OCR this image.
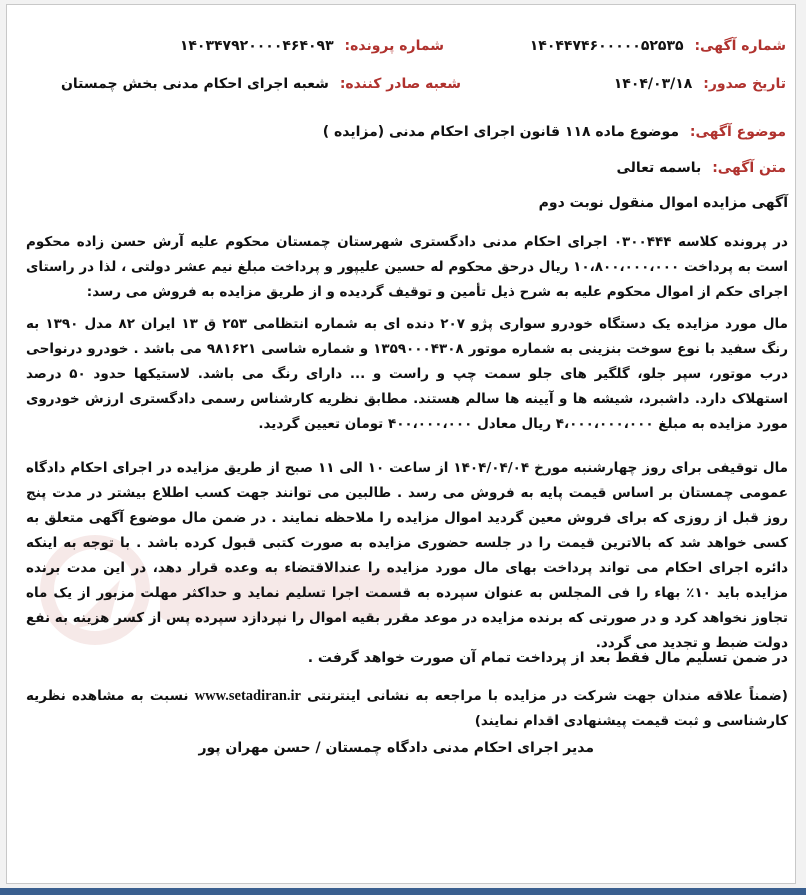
شماره آگهی: ۱۴۰۴۴۷۴۶۰۰۰۰۰۵۲۵۳۵
شماره پرونده: ۱۴۰۳۴۷۹۲۰۰۰۰۴۶۴۰۹۳
تاریخ صدور: ۱۴۰۴/۰۳/۱۸
شعبه صادر کننده: شعبه اجرای احکام مدنی بخش چمستان
موضوع آگهی: موضوع ماده ۱۱۸ قانون اجرای احکام مدنی (مزایده )
متن آگهی: باسمه تعالی

آگهی مزایده اموال منقول نوبت دوم

در پرونده کلاسه ۰۳۰۰۴۴۴ اجرای احکام مدنی دادگستری شهرستان چمستان محکوم علیه آرش حسن زاده محکوم است به پرداخت ۱۰،۸۰۰،۰۰۰،۰۰۰ ریال درحق محکوم له حسین علیپور و پرداخت مبلغ نیم عشر دولتی ، لذا در راستای اجرای حکم از اموال محکوم علیه به شرح ذیل تأمین و توقیف گردیده و از طریق مزایده به فروش می رسد:

مال مورد مزایده یک دستگاه خودرو سواری پژو ۲۰۷ دنده ای به شماره انتظامی ۲۵۳ ق ۱۳ ایران ۸۲ مدل ۱۳۹۰ به رنگ سفید با نوع سوخت بنزینی به شماره موتور ۱۳۵۹۰۰۰۴۳۰۸ و شماره شاسی ۹۸۱۶۲۱ می باشد . خودرو درنواحی درب موتور، سپر جلو، گلگیر های جلو سمت چپ و راست و ... دارای رنگ می باشد. لاستیکها حدود ۵۰ درصد استهلاک دارد. داشبرد، شیشه ها و آیینه ها سالم هستند. مطابق نظریه کارشناس رسمی دادگستری ارزش خودروی مورد مزایده به مبلغ ۴،۰۰۰،۰۰۰،۰۰۰ ریال معادل ۴۰۰،۰۰۰،۰۰۰ تومان تعیین گردید.

مال توقیفی برای روز چهارشنبه مورخ ۱۴۰۴/۰۴/۰۴ از ساعت ۱۰ الی ۱۱ صبح از طریق مزایده در اجرای احکام دادگاه عمومی چمستان بر اساس قیمت پایه به فروش می رسد . طالبین می توانند جهت کسب اطلاع بیشتر در مدت پنج روز قبل از روزی که برای فروش معین گردید اموال مزایده را ملاحظه نمایند . در ضمن مال موضوع آگهی متعلق به کسی خواهد شد که بالاترین قیمت را در جلسه حضوری مزایده به صورت کتبی قبول کرده باشد . با توجه به اینکه دائره اجرای احکام می تواند پرداخت بهای مال مورد مزایده را عندالاقتضاء به وعده قرار دهد، در این مدت برنده مزایده باید ۱۰٪ بهاء را فی المجلس به عنوان سپرده به قسمت اجرا تسلیم نماید و حداکثر مهلت مزبور از یک ماه تجاوز نخواهد کرد و در صورتی که برنده مزایده در موعد مقرر بقیه اموال را نپردازد سپرده پس از کسر هزینه به نفع دولت ضبط و تجدید می گردد.

در ضمن تسلیم مال فقط بعد از پرداخت تمام آن صورت خواهد گرفت .

(ضمناً علاقه مندان جهت شرکت در مزایده با مراجعه به نشانی اینترنتی www.setadiran.ir نسبت به مشاهده نظریه کارشناسی و ثبت قیمت پیشنهادی اقدام نمایند)

مدیر اجرای احکام مدنی دادگاه چمستان / حسن مهران پور
